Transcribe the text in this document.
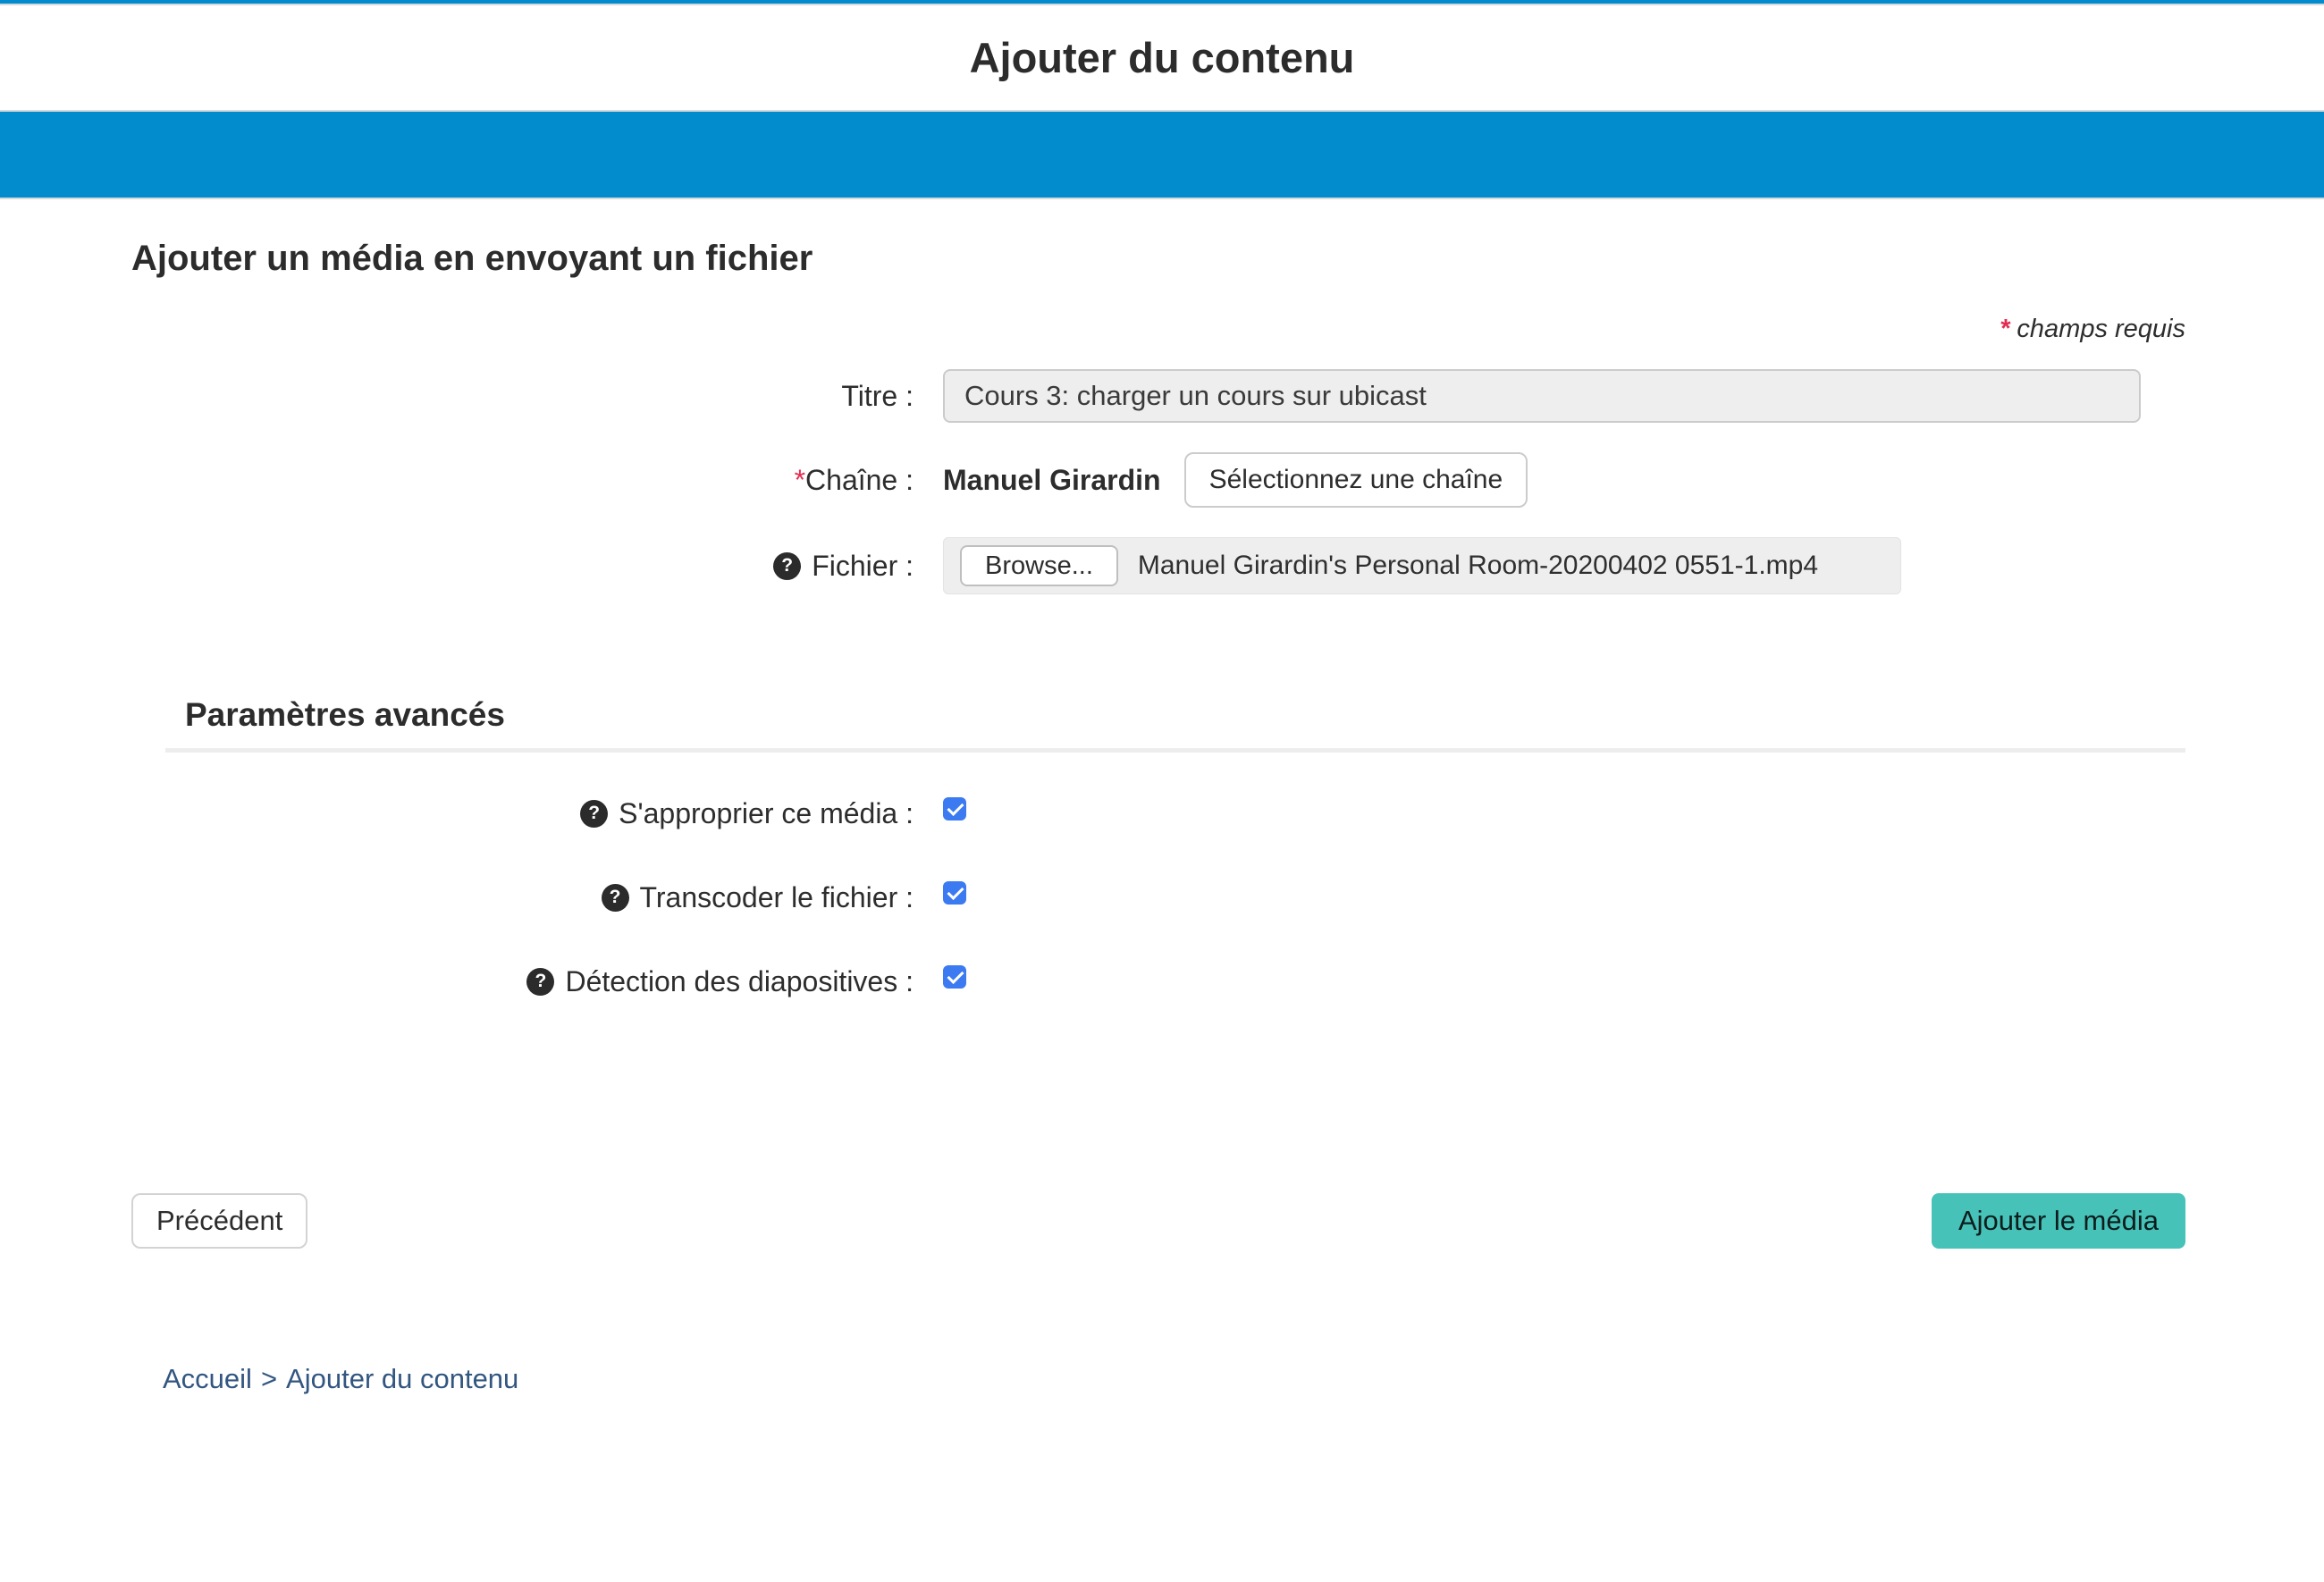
Ajouter du contenu
Ajouter un média en envoyant un fichier
* champs requis
Titre :
Cours 3: charger un cours sur ubicast
*Chaîne : Manuel Girardin	Sélectionnez une chaîne
? Fichier :	Browse...	Manuel Girardin's Personal Room-20200402 0551-1.mp4
Paramètres avancés
? S'approprier ce média :
? Transcoder le fichier :
? Détection des diapositives :
Précédent	Ajouter le média
Accueil > Ajouter du contenu
